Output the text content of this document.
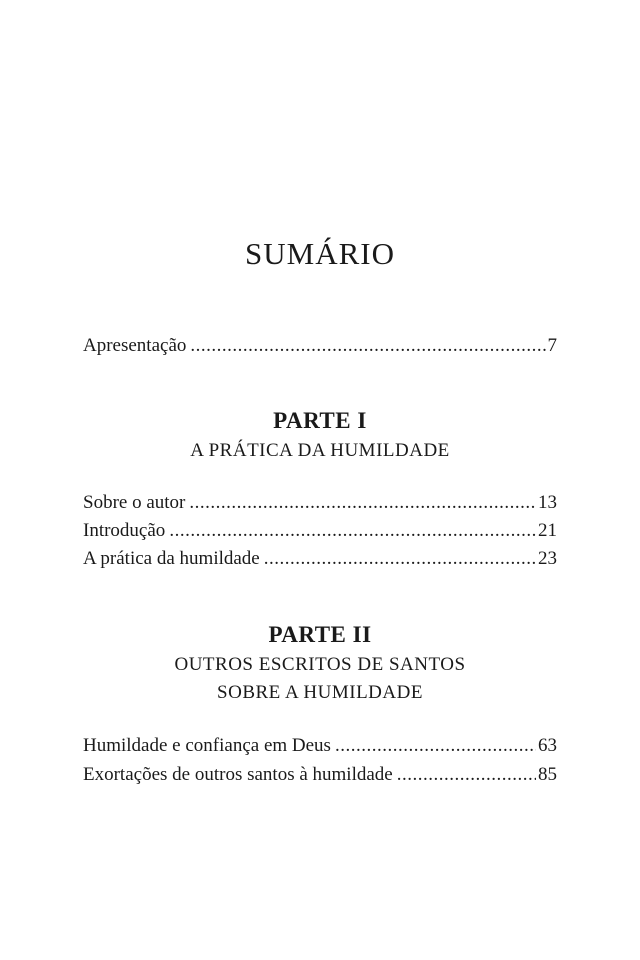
SUMÁRIO
Apresentação .....	7
PARTE I
A PRÁTICA DA HUMILDADE
Sobre o autor .....	13
Introdução .....	21
A prática da humildade .....	23
PARTE II
OUTROS ESCRITOS DE SANTOS
SOBRE A HUMILDADE
Humildade e confiança em Deus .....	63
Exortações de outros santos à humildade .....	85
